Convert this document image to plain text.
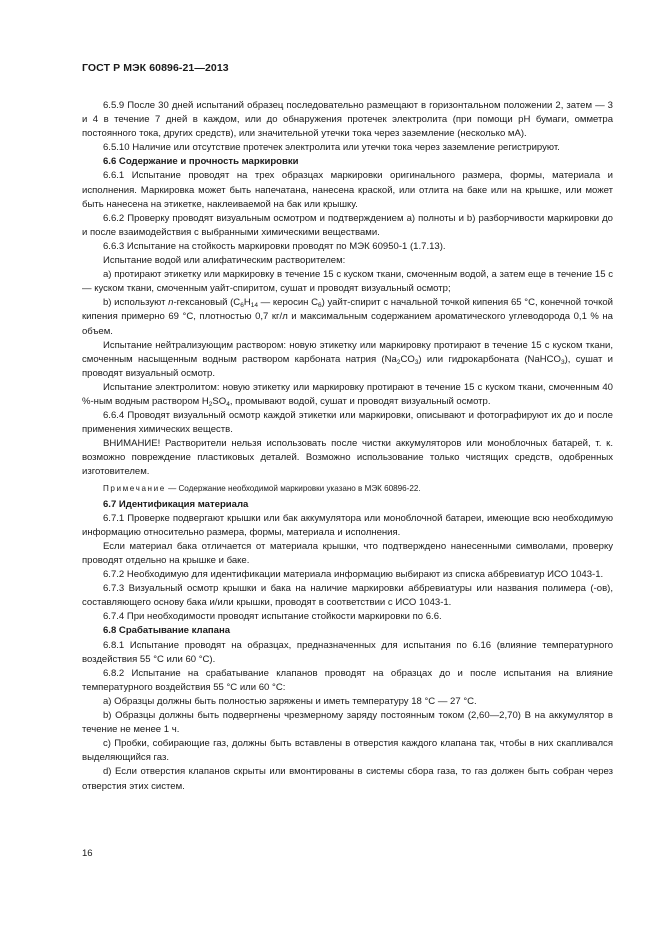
ГОСТ Р МЭК 60896-21—2013

6.5.9 После 30 дней испытаний образец последовательно размещают в горизонтальном положении 2, затем — 3 и 4 в течение 7 дней в каждом, или до обнаружения протечек электролита (при помощи pH бумаги, омметра постоянного тока, других средств), или значительной утечки тока через заземление (несколько мА).

6.5.10 Наличие или отсутствие протечек электролита или утечки тока через заземление регистрируют.

6.6 Содержание и прочность маркировки

6.6.1 Испытание проводят на трех образцах маркировки оригинального размера, формы, материала и исполнения. Маркировка может быть напечатана, нанесена краской, или отлита на баке или на крышке, или может быть нанесена на этикетке, наклеиваемой на бак или крышку.

6.6.2 Проверку проводят визуальным осмотром и подтверждением а) полноты и b) разборчивости маркировки до и после взаимодействия с выбранными химическими веществами.

6.6.3 Испытание на стойкость маркировки проводят по МЭК 60950-1 (1.7.13).

Испытание водой или алифатическим растворителем:

а) протирают этикетку или маркировку в течение 15 с куском ткани, смоченным водой, а затем еще в течение 15 с — куском ткани, смоченным уайт-спиритом, сушат и проводят визуальный осмотр;

b) используют n-гексановый ($C_6H_{14}$ — керосин $C_6$) уайт-спирит с начальной точкой кипения 65 °С, конечной точкой кипения примерно 69 °С, плотностью 0,7 кг/л и максимальным содержанием ароматического углеводорода 0,1 % на объем.

Испытание нейтрализующим раствором: новую этикетку или маркировку протирают в течение 15 с куском ткани, смоченным насыщенным водным раствором карбоната натрия $(Na_2CO_3)$ или гидрокарбоната (NaHCO$_3$), сушат и проводят визуальный осмотр.

Испытание электролитом: новую этикетку или маркировку протирают в течение 15 с куском ткани, смоченным 40 %-ным водным раствором $H_2SO_4$, промывают водой, сушат и проводят визуальный осмотр.

6.6.4 Проводят визуальный осмотр каждой этикетки или маркировки, описывают и фотографируют их до и после применения химических веществ.

ВНИМАНИЕ! Растворители нельзя использовать после чистки аккумуляторов или моноблочных батарей, т. к. возможно повреждение пластиковых деталей. Возможно использование только чистящих средств, одобренных изготовителем.

Примечание — Содержание необходимой маркировки указано в МЭК 60896-22.

6.7 Идентификация материала

6.7.1 Проверке подвергают крышки или бак аккумулятора или моноблочной батареи, имеющие всю необходимую информацию относительно размера, формы, материала и исполнения.

Если материал бака отличается от материала крышки, что подтверждено нанесенными символами, проверку проводят отдельно на крышке и баке.

6.7.2 Необходимую для идентификации материала информацию выбирают из списка аббревиатур ИСО 1043-1.

6.7.3 Визуальный осмотр крышки и бака на наличие маркировки аббревиатуры или названия полимера (-ов), составляющего основу бака и/или крышки, проводят в соответствии с ИСО 1043-1.

6.7.4 При необходимости проводят испытание стойкости маркировки по 6.6.

6.8 Срабатывание клапана

6.8.1 Испытание проводят на образцах, предназначенных для испытания по 6.16 (влияние температурного воздействия 55 °С или 60 °С).

6.8.2 Испытание на срабатывание клапанов проводят на образцах до и после испытания на влияние температурного воздействия 55 °С или 60 °С:

а) Образцы должны быть полностью заряжены и иметь температуру 18 °С — 27 °С.

b) Образцы должны быть подвергнены чрезмерному заряду постоянным током (2,60—2,70) В на аккумулятор в течение не менее 1 ч.

с) Пробки, собирающие газ, должны быть вставлены в отверстия каждого клапана так, чтобы в них скапливался выделяющийся газ.

d) Если отверстия клапанов скрыты или вмонтированы в системы сбора газа, то газ должен быть собран через отверстия этих систем.

16
